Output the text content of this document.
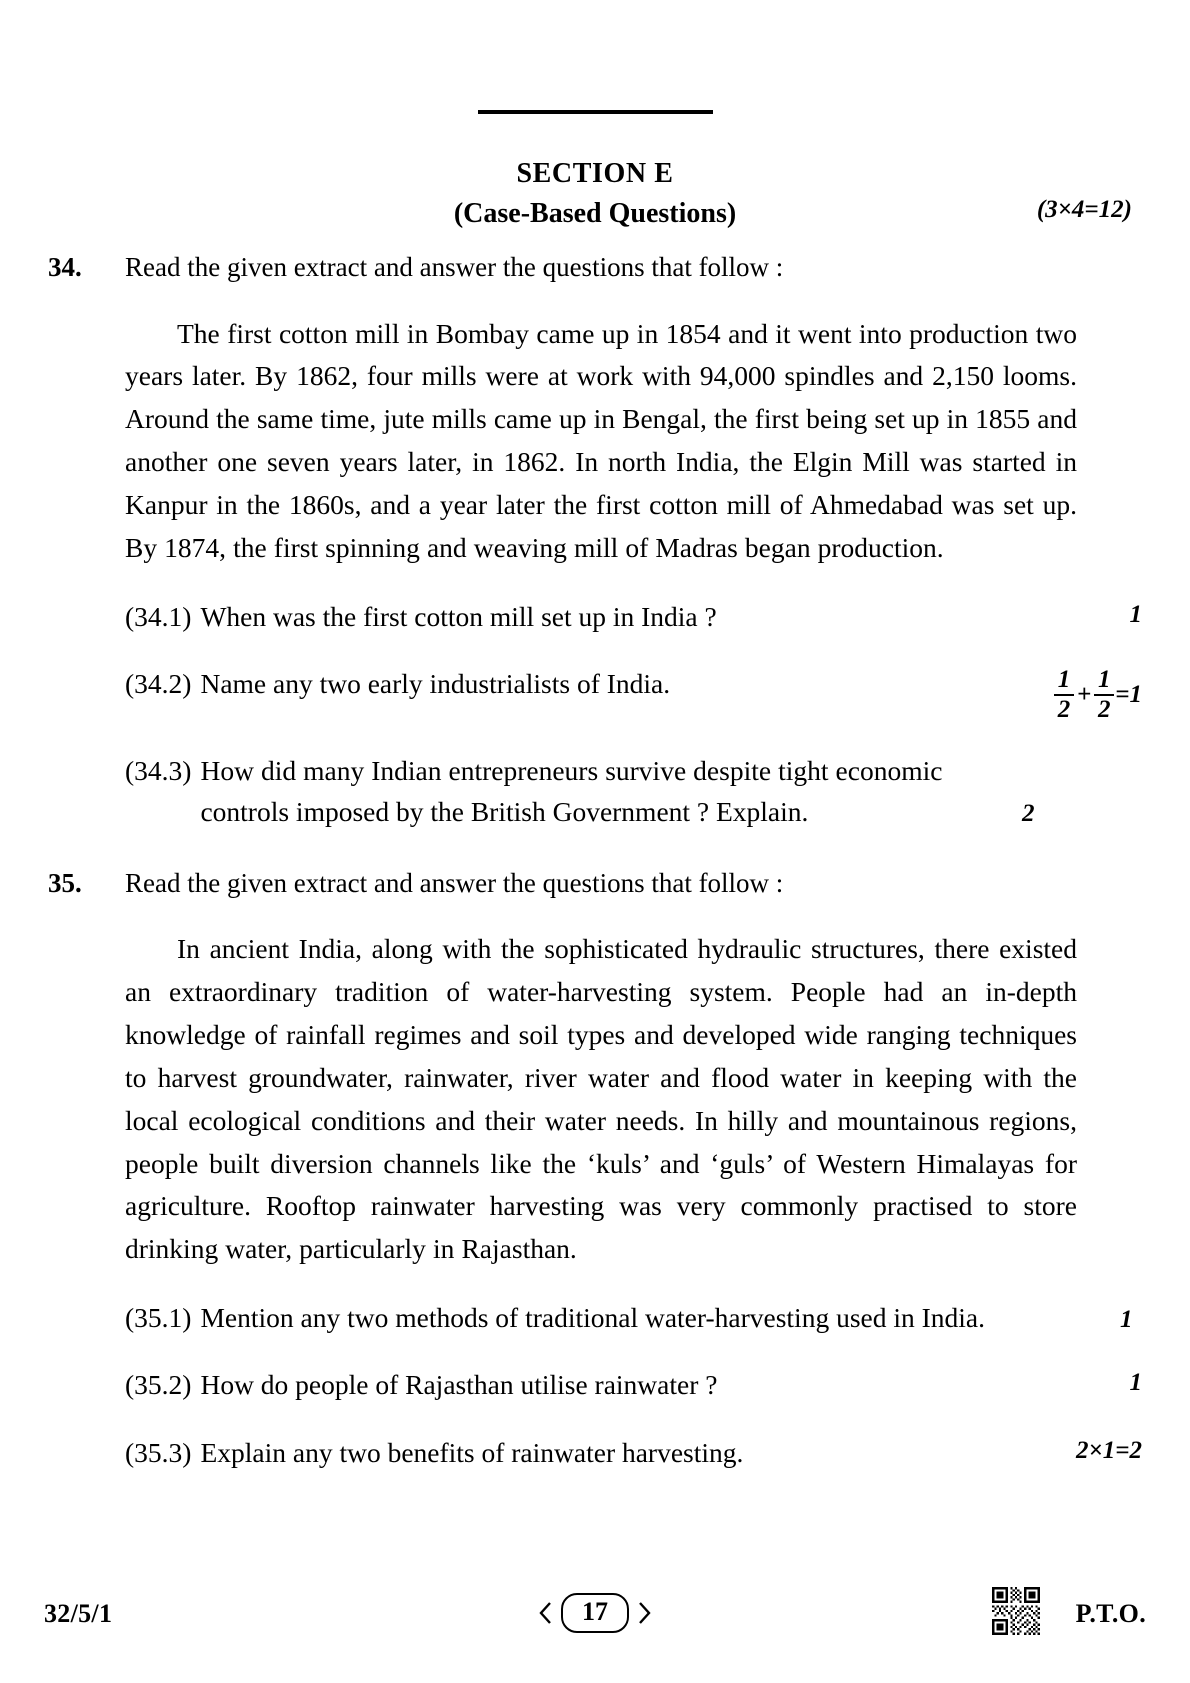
SECTION E
(Case-Based Questions)	(3×4=12)
34.	Read the given extract and answer the questions that follow :
The first cotton mill in Bombay came up in 1854 and it went into production two years later. By 1862, four mills were at work with 94,000 spindles and 2,150 looms. Around the same time, jute mills came up in Bengal, the first being set up in 1855 and another one seven years later, in 1862. In north India, the Elgin Mill was started in Kanpur in the 1860s, and a year later the first cotton mill of Ahmedabad was set up. By 1874, the first spinning and weaving mill of Madras began production.
(34.1) When was the first cotton mill set up in India ?	1
(34.2) Name any two early industrialists of India.	$\frac{1}{2} + \frac{1}{2} =1$
(34.3) How did many Indian entrepreneurs survive despite tight economic controls imposed by the British Government ? Explain.	2
35.	Read the given extract and answer the questions that follow :
In ancient India, along with the sophisticated hydraulic structures, there existed an extraordinary tradition of water-harvesting system. People had an in-depth knowledge of rainfall regimes and soil types and developed wide ranging techniques to harvest groundwater, rainwater, river water and flood water in keeping with the local ecological conditions and their water needs. In hilly and mountainous regions, people built diversion channels like the ‘kuls’ and ‘guls’ of Western Himalayas for agriculture. Rooftop rainwater harvesting was very commonly practised to store drinking water, particularly in Rajasthan.
(35.1) Mention any two methods of traditional water-harvesting used in India.	1
(35.2) How do people of Rajasthan utilise rainwater ?	1
(35.3) Explain any two benefits of rainwater harvesting.	2×1=2
32/5/1	17	P.T.O.
